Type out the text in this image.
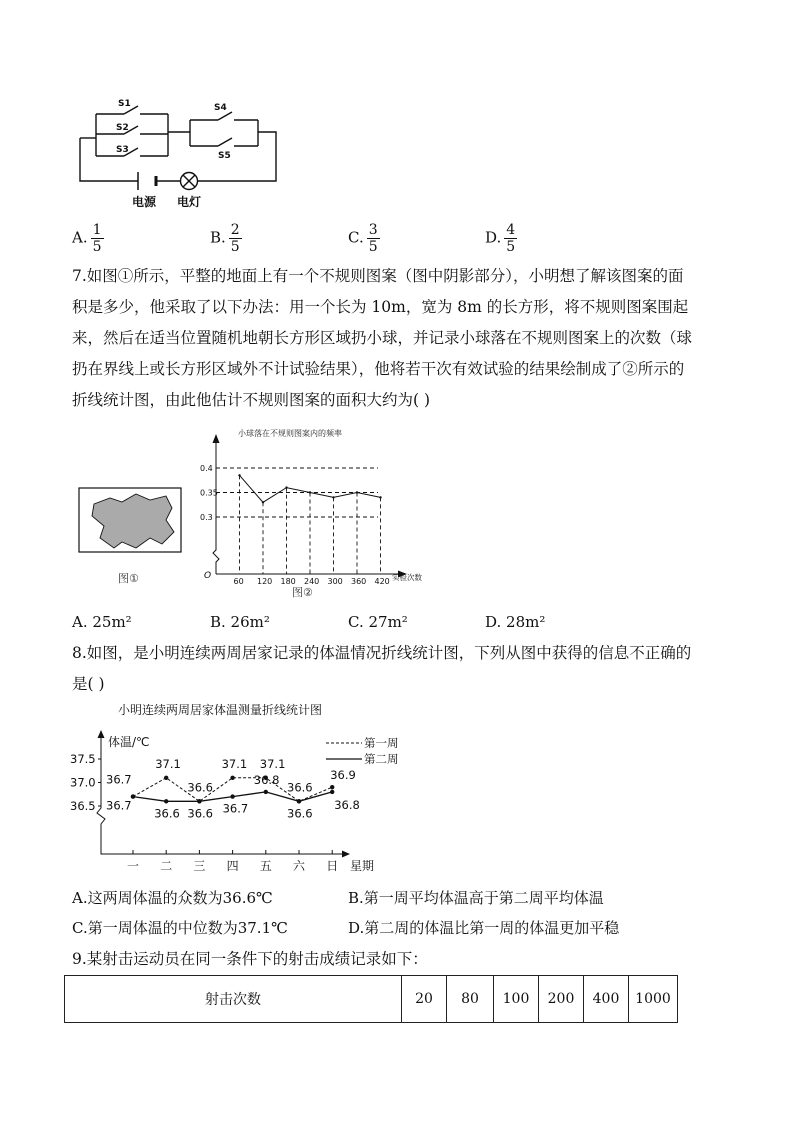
S1
S2
S3
S4
S5
电源 电灯
A. $\frac{1}{5}$	B. $\frac{2}{5}$	C. $\frac{3}{5}$	D. $\frac{4}{5}$
7.如图①所示，平整的地面上有一个不规则图案（图中阴影部分），小明想了解该图案的面
积是多少，他采取了以下办法：用一个长为 10m，宽为 8m 的长方形，将不规则图案围起
来，然后在适当位置随机地朝长方形区域扔小球，并记录小球落在不规则图案上的次数（球
扔在界线上或长方形区域外不计试验结果），他将若干次有效试验的结果绘制成了②所示的
折线统计图，由此他估计不规则图案的面积大约为( )
图①
小球落在不规则图案内的频率
O	实验次数
0.3
0.35
0.4
60 120 180 240 300 360 420
图②
A. 25m²	B. 26m²	C. 27m²	D. 28m²
8.如图，是小明连续两周居家记录的体温情况折线统计图，下列从图中获得的信息不正确的
是( )
小明连续两周居家体温测量折线统计图
体温/℃
星期
第一周
第二周
36.5
37.0
37.5
一 二 三 四 五 六 日
36.7
37.1
36.6
37.1 37.1
36.6
36.9
36.7
36.6 36.6 36.7
36.8
36.6
36.8
A.这两周体温的众数为36.6℃	B.第一周平均体温高于第二周平均体温
C.第一周体温的中位数为37.1℃	D.第二周的体温比第一周的体温更加平稳
9.某射击运动员在同一条件下的射击成绩记录如下：
射击次数	20	80	100	200	400	1000
